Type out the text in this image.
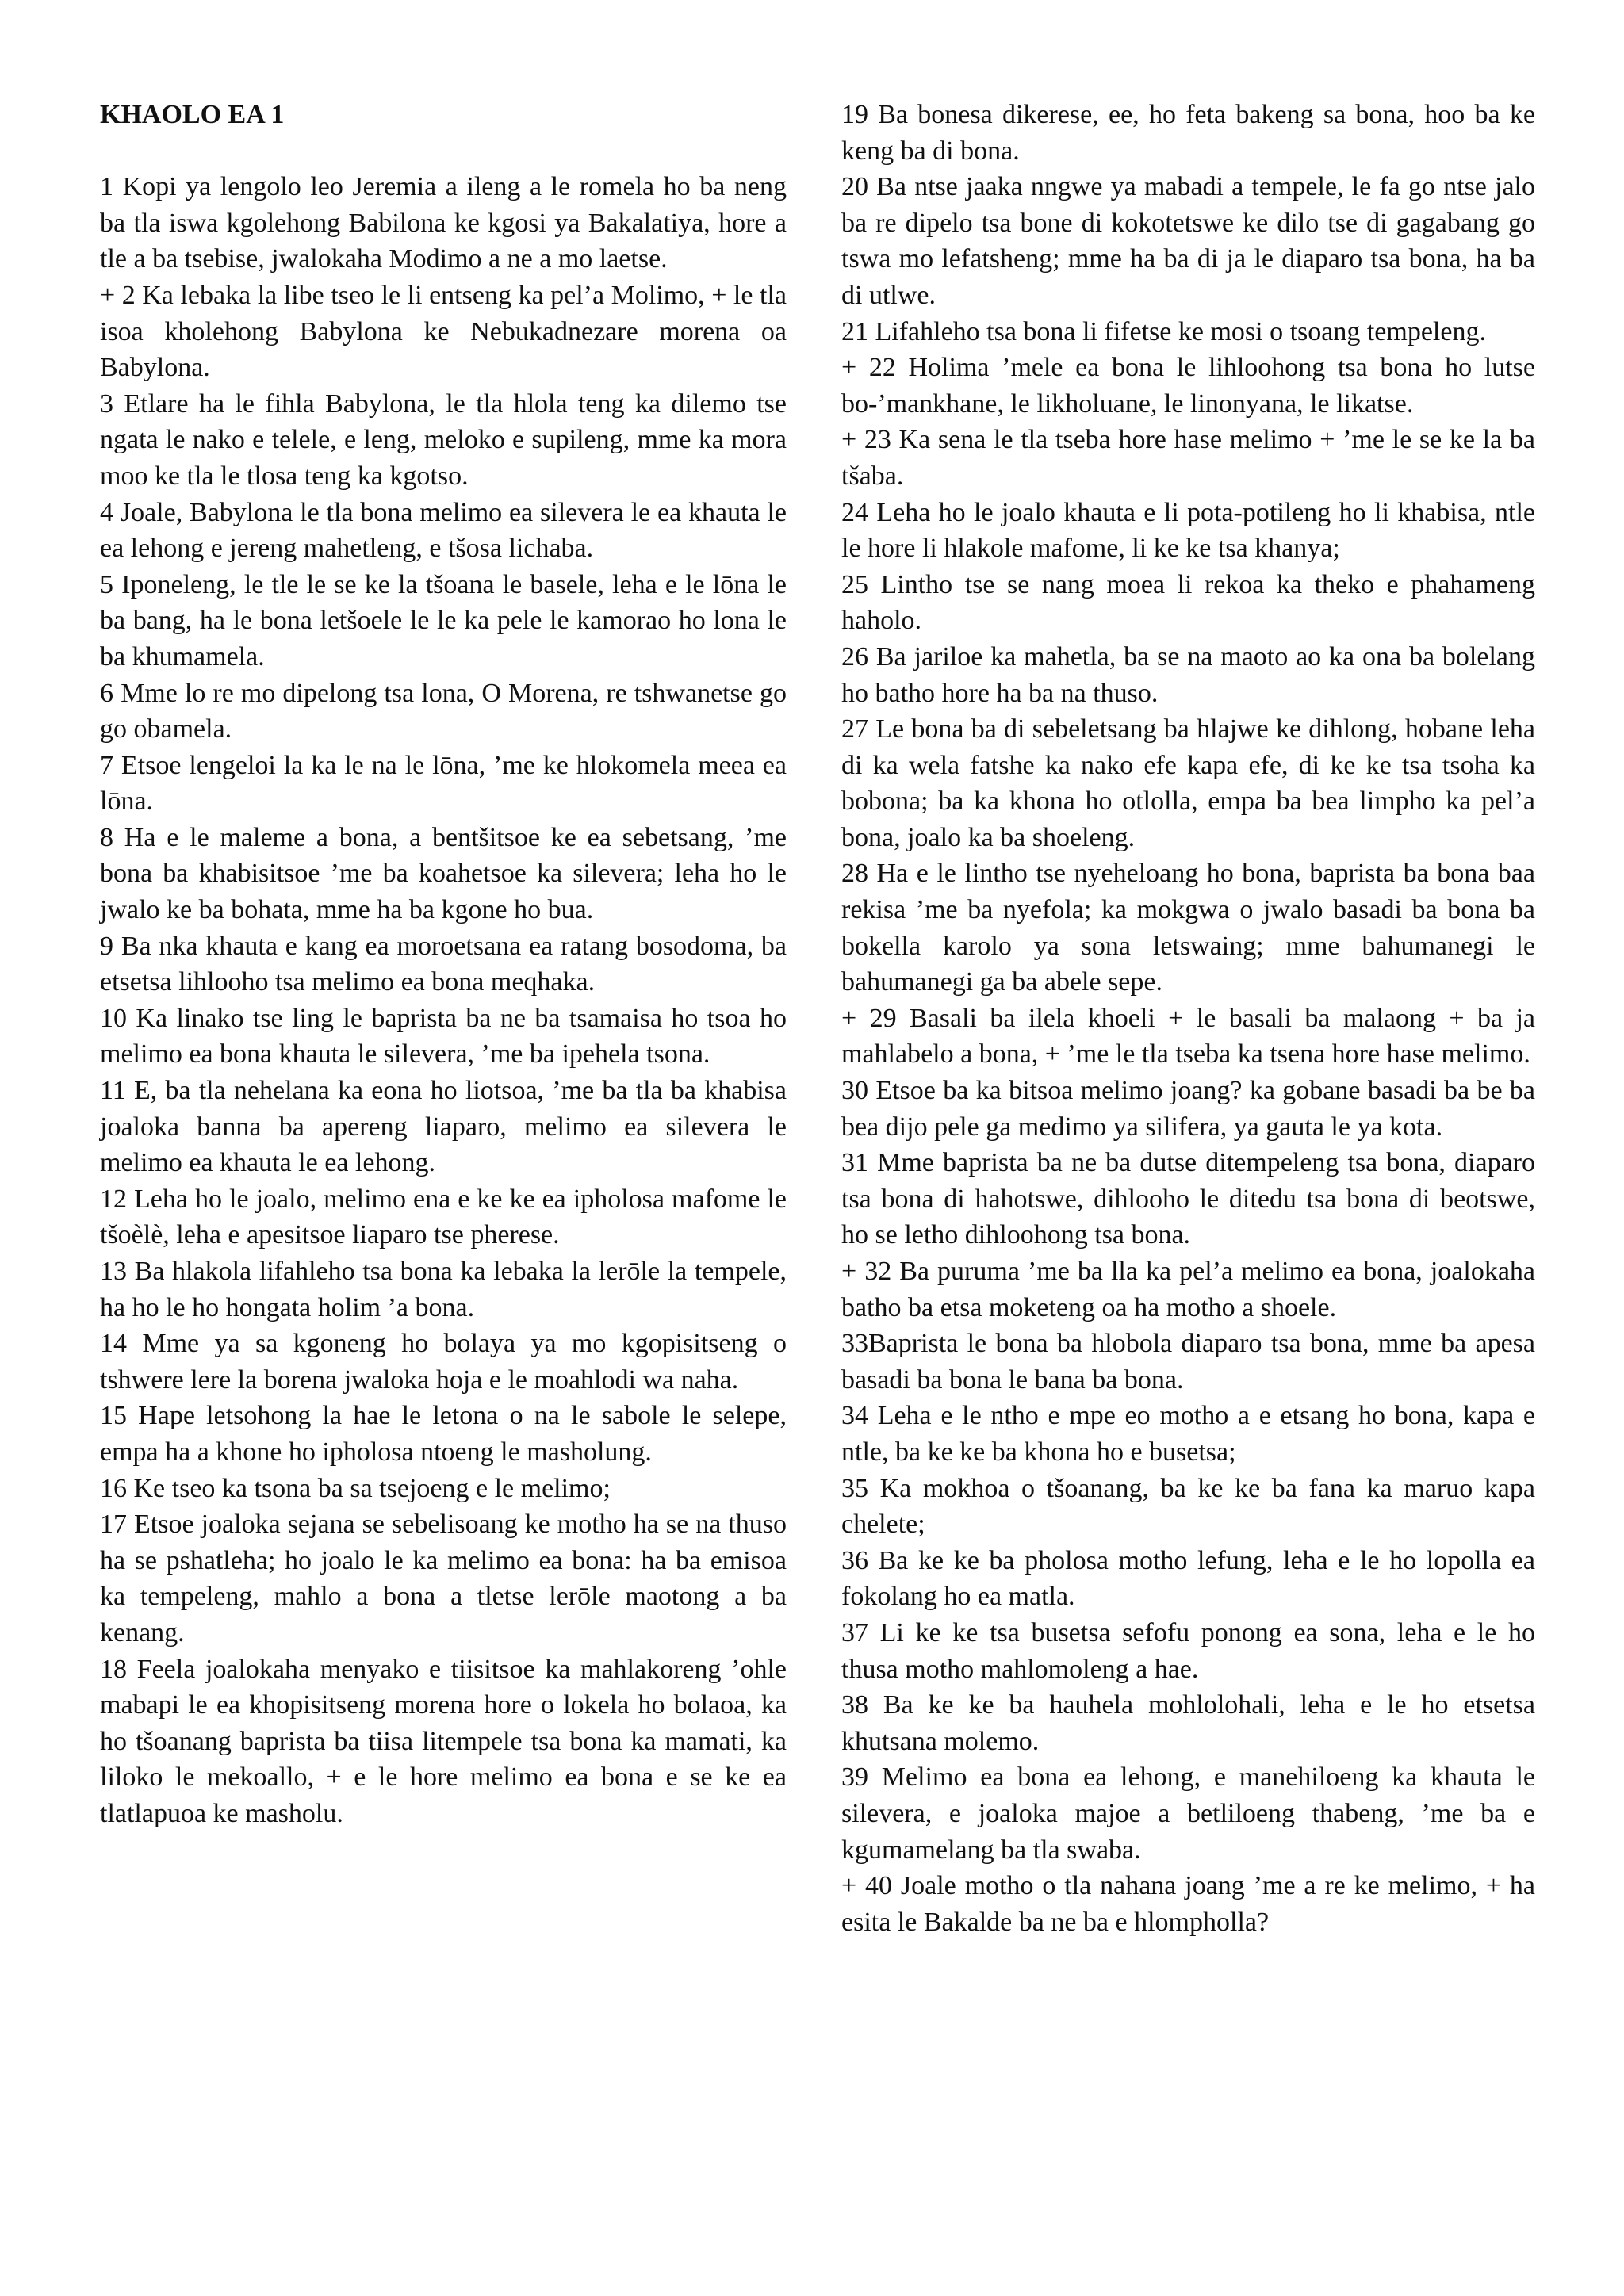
KHAOLO EA 1

1 Kopi ya lengolo leo Jeremia a ileng a le romela ho ba neng ba tla iswa kgolehong Babilona ke kgosi ya Bakalatiya, hore a tle a ba tsebise, jwalokaha Modimo a ne a mo laetse.

+ 2 Ka lebaka la libe tseo le li entseng ka pel’a Molimo, + le tla isoa kholehong Babylona ke Nebukadnezare morena oa Babylona.

3 Etlare ha le fihla Babylona, le tla hlola teng ka dilemo tse ngata le nako e telele, e leng, meloko e supileng, mme ka mora moo ke tla le tlosa teng ka kgotso.

4 Joale, Babylona le tla bona melimo ea silevera le ea khauta le ea lehong e jereng mahetleng, e tšosa lichaba.

5 Iponeleng, le tle le se ke la tšoana le basele, leha e le lōna le ba bang, ha le bona letšoele le le ka pele le kamorao ho lona le ba khumamela.

6 Mme lo re mo dipelong tsa lona, O Morena, re tshwanetse go go obamela.

7 Etsoe lengeloi la ka le na le lōna, ’me ke hlokomela meea ea lōna.

8 Ha e le maleme a bona, a bentšitsoe ke ea sebetsang, ’me bona ba khabisitsoe ’me ba koahetsoe ka silevera; leha ho le jwalo ke ba bohata, mme ha ba kgone ho bua.

9 Ba nka khauta e kang ea moroetsana ea ratang bosodoma, ba etsetsa lihlooho tsa melimo ea bona meqhaka.

10 Ka linako tse ling le baprista ba ne ba tsamaisa ho tsoa ho melimo ea bona khauta le silevera, ’me ba ipehela tsona.

11 E, ba tla nehelana ka eona ho liotsoa, ’me ba tla ba khabisa joaloka banna ba apereng liaparo, melimo ea silevera le melimo ea khauta le ea lehong.

12 Leha ho le joalo, melimo ena e ke ke ea ipholosa mafome le tšoèlè, leha e apesitsoe liaparo tse pherese.

13 Ba hlakola lifahleho tsa bona ka lebaka la lerōle la tempele, ha ho le ho hongata holim ’a bona.

14 Mme ya sa kgoneng ho bolaya ya mo kgopisitseng o tshwere lere la borena jwaloka hoja e le moahlodi wa naha.

15 Hape letsohong la hae le letona o na le sabole le selepe, empa ha a khone ho ipholosa ntoeng le masholung.

16 Ke tseo ka tsona ba sa tsejoeng e le melimo;

17 Etsoe joaloka sejana se sebelisoang ke motho ha se na thuso ha se pshatleha; ho joalo le ka melimo ea bona: ha ba emisoa ka tempeleng, mahlo a bona a tletse lerōle maotong a ba kenang.

18 Feela joalokaha menyako e tiisitsoe ka mahlakoreng ’ohle mabapi le ea khopisitseng morena hore o lokela ho bolaoa, ka ho tšoanang baprista ba tiisa litempele tsa bona ka mamati, ka liloko le mekoallo, + e le hore melimo ea bona e se ke ea tlatlapuoa ke masholu.

19 Ba bonesa dikerese, ee, ho feta bakeng sa bona, hoo ba ke keng ba di bona.

20 Ba ntse jaaka nngwe ya mabadi a tempele, le fa go ntse jalo ba re dipelo tsa bone di kokotetswe ke dilo tse di gagabang go tswa mo lefatsheng; mme ha ba di ja le diaparo tsa bona, ha ba di utlwe.

21 Lifahleho tsa bona li fifetse ke mosi o tsoang tempeleng.

+ 22 Holima ’mele ea bona le lihloohong tsa bona ho lutse bo-’mankhane, le likholuane, le linonyana, le likatse.

+ 23 Ka sena le tla tseba hore hase melimo + ’me le se ke la ba tšaba.

24 Leha ho le joalo khauta e li pota-potileng ho li khabisa, ntle le hore li hlakole mafome, li ke ke tsa khanya;

25 Lintho tse se nang moea li rekoa ka theko e phahameng haholo.

26 Ba jariloe ka mahetla, ba se na maoto ao ka ona ba bolelang ho batho hore ha ba na thuso.

27 Le bona ba di sebeletsang ba hlajwe ke dihlong, hobane leha di ka wela fatshe ka nako efe kapa efe, di ke ke tsa tsoha ka bobona; ba ka khona ho otlolla, empa ba bea limpho ka pel’a bona, joalo ka ba shoeleng.

28 Ha e le lintho tse nyeheloang ho bona, baprista ba bona baa rekisa ’me ba nyefola; ka mokgwa o jwalo basadi ba bona ba bokella karolo ya sona letswaing; mme bahumanegi le bahumanegi ga ba abele sepe.

+ 29 Basali ba ilela khoeli + le basali ba malaong + ba ja mahlabelo a bona, + ’me le tla tseba ka tsena hore hase melimo.

30 Etsoe ba ka bitsoa melimo joang? ka gobane basadi ba be ba bea dijo pele ga medimo ya silifera, ya gauta le ya kota.

31 Mme baprista ba ne ba dutse ditempeleng tsa bona, diaparo tsa bona di hahotswe, dihlooho le ditedu tsa bona di beotswe, ho se letho dihloohong tsa bona.

+ 32 Ba puruma ’me ba lla ka pel’a melimo ea bona, joalokaha batho ba etsa moketeng oa ha motho a shoele.

33Baprista le bona ba hlobola diaparo tsa bona, mme ba apesa basadi ba bona le bana ba bona.

34 Leha e le ntho e mpe eo motho a e etsang ho bona, kapa e ntle, ba ke ke ba khona ho e busetsa;

35 Ka mokhoa o tšoanang, ba ke ke ba fana ka maruo kapa chelete;

36 Ba ke ke ba pholosa motho lefung, leha e le ho lopolla ea fokolang ho ea matla.

37 Li ke ke tsa busetsa sefofu ponong ea sona, leha e le ho thusa motho mahlomoleng a hae.

38 Ba ke ke ba hauhela mohlolohali, leha e le ho etsetsa khutsana molemo.

39 Melimo ea bona ea lehong, e manehiloeng ka khauta le silevera, e joaloka majoe a betliloeng thabeng, ’me ba e kgumamelang ba tla swaba.

+ 40 Joale motho o tla nahana joang ’me a re ke melimo, + ha esita le Bakalde ba ne ba e hlompholla?
